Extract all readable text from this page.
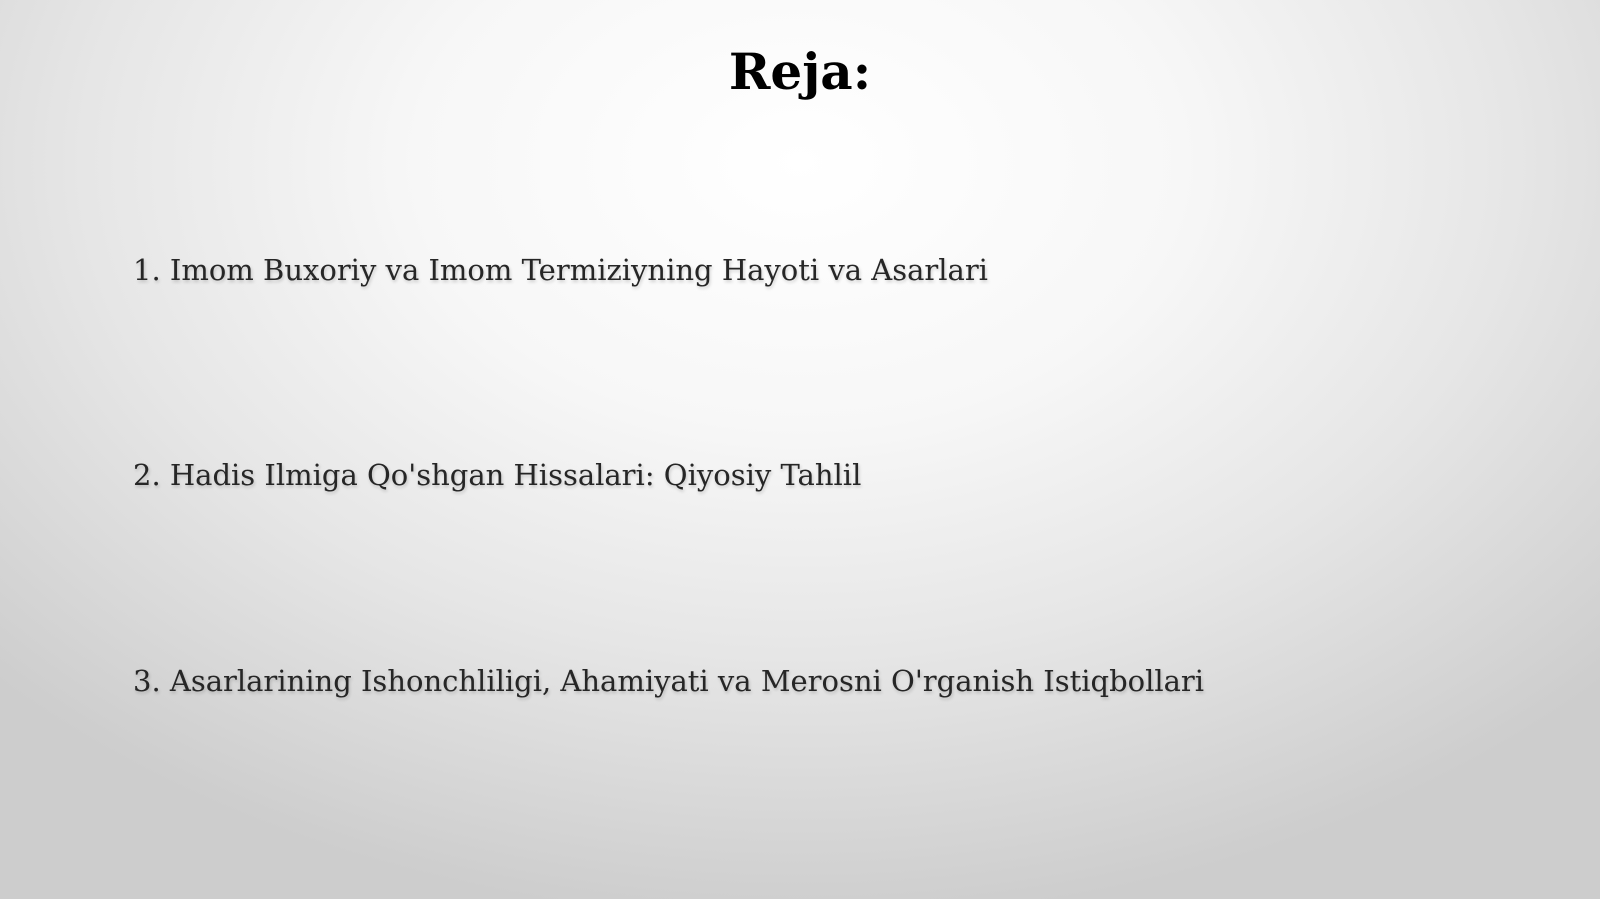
Reja:
1. Imom Buxoriy va Imom Termiziyning Hayoti va Asarlari
2. Hadis Ilmiga Qo'shgan Hissalari: Qiyosiy Tahlil
3. Asarlarining Ishonchliligi, Ahamiyati va Merosni O'rganish Istiqbollari
